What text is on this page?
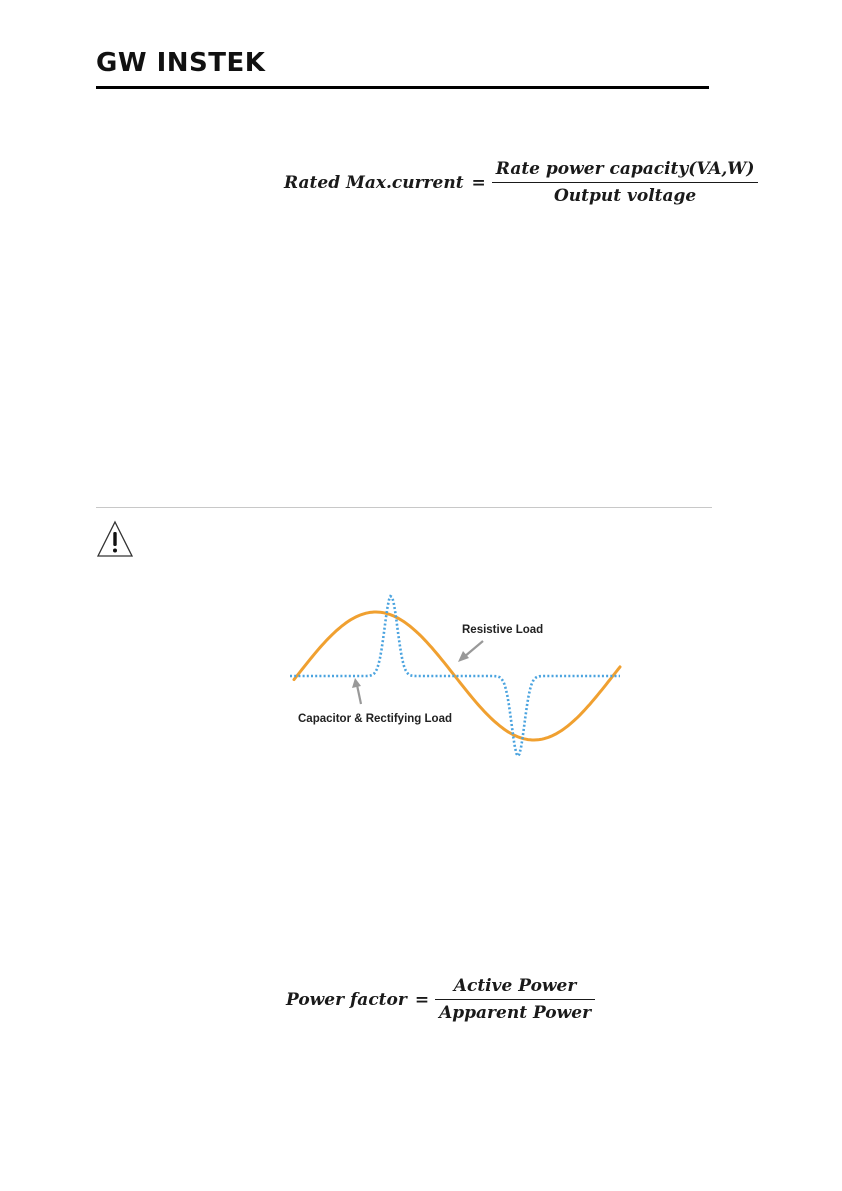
GW INSTEK
Rated Max.current = $\frac{\text{Rate power capacity(VA,W)}}{\text{Output voltage}}$
Resistive Load
Capacitor & Rectifying Load
Power factor = $\frac{\text{Active Power}}{\text{Apparent Power}}$
